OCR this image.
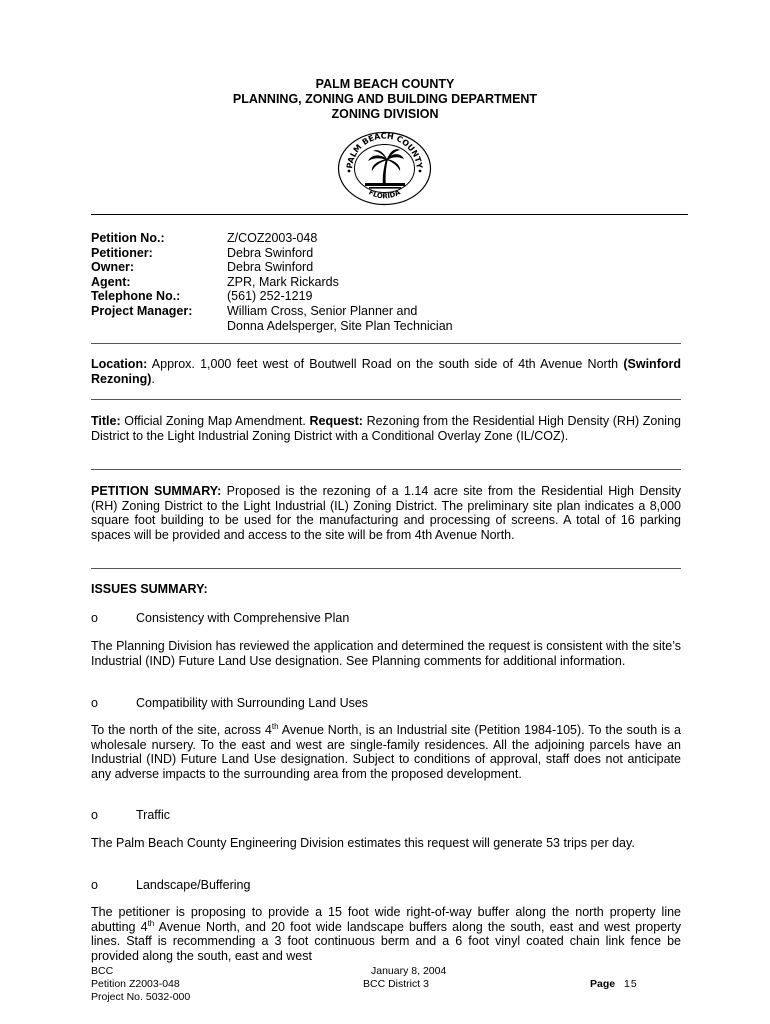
PALM BEACH COUNTY
PLANNING, ZONING AND BUILDING DEPARTMENT
ZONING DIVISION
PALM BEACH COUNTY
FLORIDA
Petition No.:	Z/COZ2003-048
Petitioner:	Debra Swinford
Owner:	Debra Swinford
Agent:	ZPR, Mark Rickards
Telephone No.:	(561) 252-1219
Project Manager:	William Cross, Senior Planner and
Donna Adelsperger, Site Plan Technician
Location: Approx. 1,000 feet west of Boutwell Road on the south side of 4th Avenue North (Swinford Rezoning).
Title: Official Zoning Map Amendment. Request: Rezoning from the Residential High Density (RH) Zoning District to the Light Industrial Zoning District with a Conditional Overlay Zone (IL/COZ).
PETITION SUMMARY: Proposed is the rezoning of a 1.14 acre site from the Residential High Density (RH) Zoning District to the Light Industrial (IL) Zoning District. The preliminary site plan indicates a 8,000 square foot building to be used for the manufacturing and processing of screens. A total of 16 parking spaces will be provided and access to the site will be from 4th Avenue North.
ISSUES SUMMARY:
o	Consistency with Comprehensive Plan
The Planning Division has reviewed the application and determined the request is consistent with the site’s Industrial (IND) Future Land Use designation. See Planning comments for additional information.
o	Compatibility with Surrounding Land Uses
To the north of the site, across 4th Avenue North, is an Industrial site (Petition 1984-105). To the south is a wholesale nursery. To the east and west are single-family residences. All the adjoining parcels have an Industrial (IND) Future Land Use designation. Subject to conditions of approval, staff does not anticipate any adverse impacts to the surrounding area from the proposed development.
o	Traffic
The Palm Beach County Engineering Division estimates this request will generate 53 trips per day.
o	Landscape/Buffering
The petitioner is proposing to provide a 15 foot wide right-of-way buffer along the north property line abutting 4th Avenue North, and 20 foot wide landscape buffers along the south, east and west property lines. Staff is recommending a 3 foot continuous berm and a 6 foot vinyl coated chain link fence be provided along the south, east and west
BCC
Petition Z2003-048
Project No. 5032-000
January 8, 2004
BCC District 3	Page 15
